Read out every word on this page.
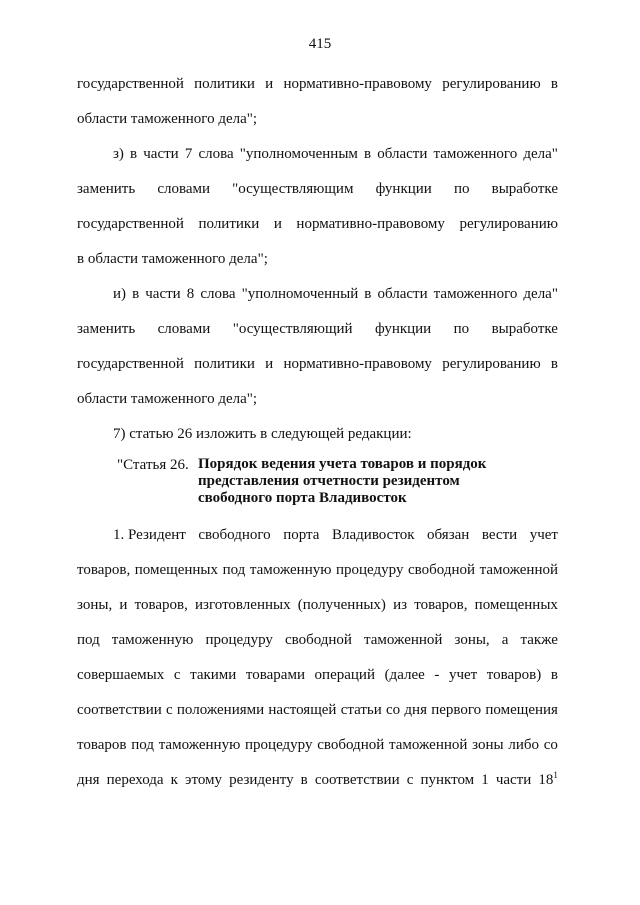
415
государственной политики и нормативно-правовому регулированию в
области таможенного дела";
з) в части 7 слова "уполномоченным в области таможенного дела"
заменить словами "осуществляющим функции по выработке
государственной политики и нормативно-правовому регулированию
в области таможенного дела";
и) в части 8 слова "уполномоченный в области таможенного дела"
заменить словами "осуществляющий функции по выработке
государственной политики и нормативно-правовому регулированию в
области таможенного дела";
7) статью 26 изложить в следующей редакции:
"Статья 26. Порядок ведения учета товаров и порядок
представления отчетности резидентом
свободного порта Владивосток
1. Резидент свободного порта Владивосток обязан вести учет
товаров, помещенных под таможенную процедуру свободной таможенной
зоны, и товаров, изготовленных (полученных) из товаров, помещенных
под таможенную процедуру свободной таможенной зоны, а также
совершаемых с такими товарами операций (далее - учет товаров) в
соответствии с положениями настоящей статьи со дня первого помещения
товаров под таможенную процедуру свободной таможенной зоны либо со
дня перехода к этому резиденту в соответствии с пунктом 1 части $18^1$
